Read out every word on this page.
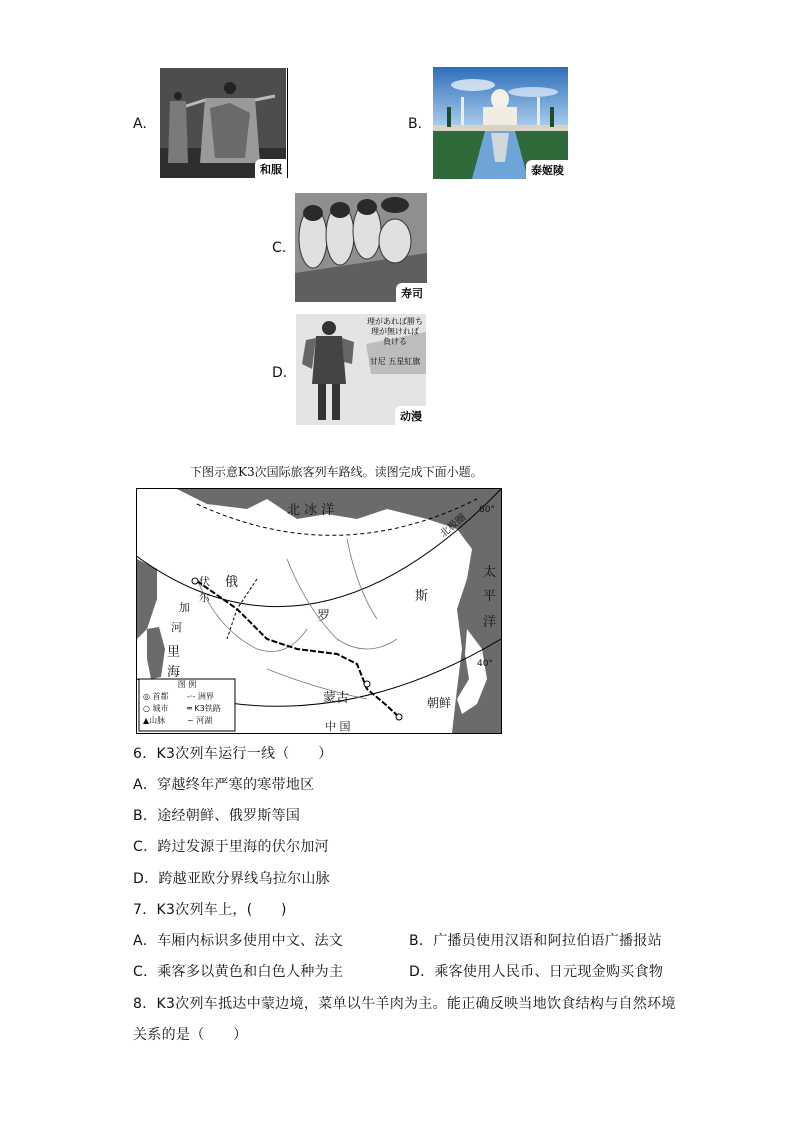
A.
和服
B.
泰姬陵
C.
寿司
D.
理があれば勝ち
理が無ければ
負ける
甘尼 五星紅旗
动漫
下图示意K3次国际旅客列车路线。读图完成下面小题。
北 冰 洋
北极圈
60°
40°
太
平
洋
俄
罗
斯
伏
尔
加
河
里
海
蒙古
中 国
朝鲜
图 例
◎ 首都 -·- 洲界
○ 城市 ═ K3铁路
▲山脉	~ 河湖
6．K3次列车运行一线（　　）
A．穿越终年严寒的寒带地区
B．途经朝鲜、俄罗斯等国
C．跨过发源于里海的伏尔加河
D．跨越亚欧分界线乌拉尔山脉
7．K3次列车上，(　　)
A．车厢内标识多使用中文、法文	B．广播员使用汉语和阿拉伯语广播报站
C．乘客多以黄色和白色人种为主	D．乘客使用人民币、日元现金购买食物
8．K3次列车抵达中蒙边境，菜单以牛羊肉为主。能正确反映当地饮食结构与自然环境
关系的是（　　）
